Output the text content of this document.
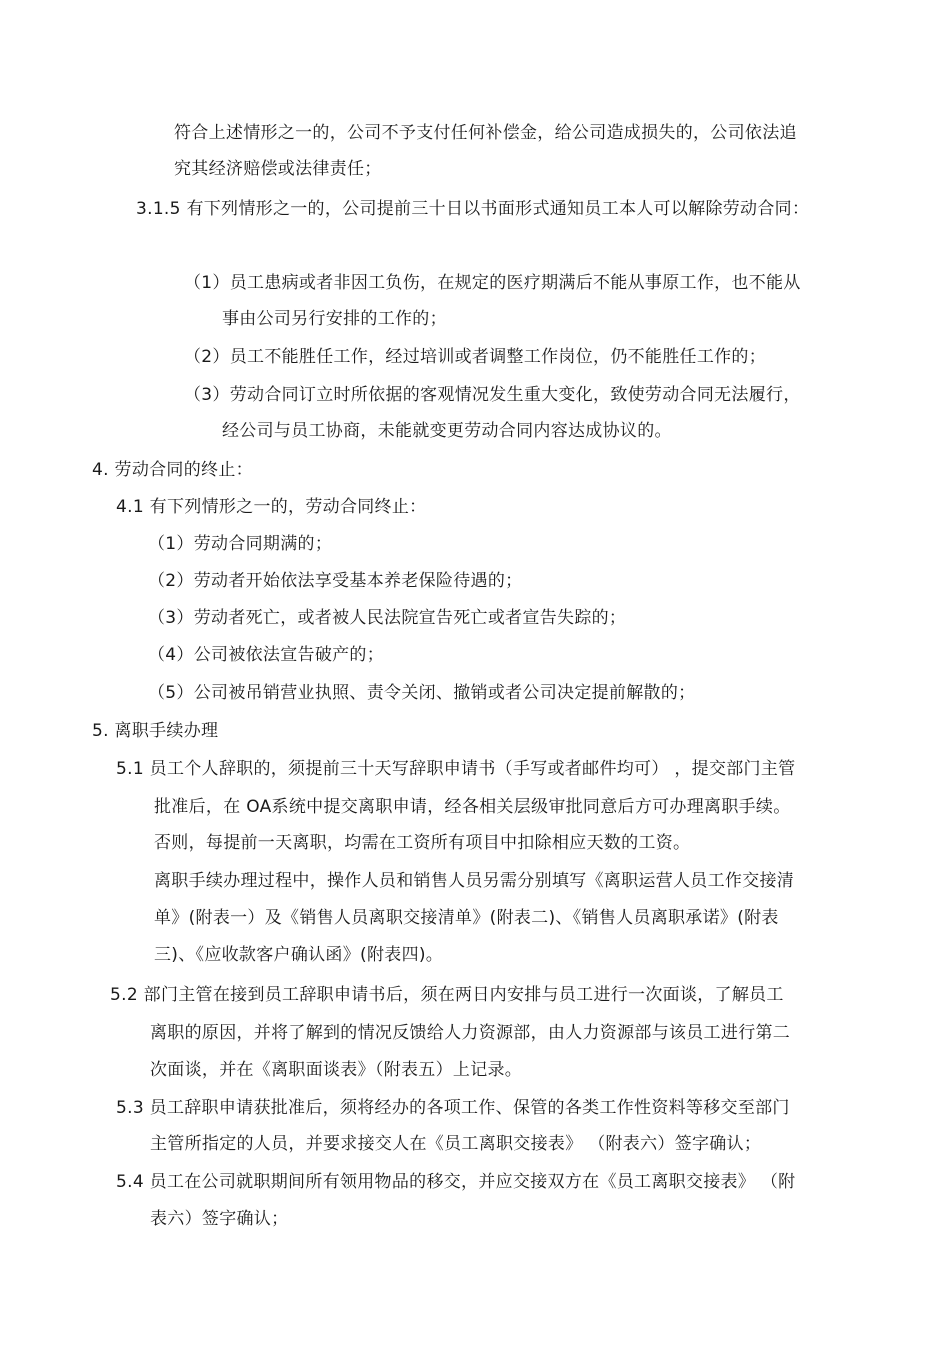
符合上述情形之一的，公司不予支付任何补偿金，给公司造成损失的，公司依法追
究其经济赔偿或法律责任；
3.1.5 有下列情形之一的，公司提前三十日以书面形式通知员工本人可以解除劳动合同：
（1）员工患病或者非因工负伤，在规定的医疗期满后不能从事原工作，也不能从
事由公司另行安排的工作的；
（2）员工不能胜任工作，经过培训或者调整工作岗位，仍不能胜任工作的；
（3）劳动合同订立时所依据的客观情况发生重大变化，致使劳动合同无法履行，
经公司与员工协商，未能就变更劳动合同内容达成协议的。
4. 劳动合同的终止：
4.1 有下列情形之一的，劳动合同终止：
（1）劳动合同期满的；
（2）劳动者开始依法享受基本养老保险待遇的；
（3）劳动者死亡，或者被人民法院宣告死亡或者宣告失踪的；
（4）公司被依法宣告破产的；
（5）公司被吊销营业执照、责令关闭、撤销或者公司决定提前解散的；
5. 离职手续办理
5.1 员工个人辞职的，须提前三十天写辞职申请书（手写或者邮件均可） ，提交部门主管
批准后，在 OA系统中提交离职申请，经各相关层级审批同意后方可办理离职手续。
否则，每提前一天离职，均需在工资所有项目中扣除相应天数的工资。
离职手续办理过程中，操作人员和销售人员另需分别填写《离职运营人员工作交接清
单》(附表一）及《销售人员离职交接清单》(附表二)、《销售人员离职承诺》(附表
三)、《应收款客户确认函》(附表四)。
5.2 部门主管在接到员工辞职申请书后，须在两日内安排与员工进行一次面谈，了解员工
离职的原因，并将了解到的情况反馈给人力资源部，由人力资源部与该员工进行第二
次面谈，并在《离职面谈表》（附表五）上记录。
5.3 员工辞职申请获批准后，须将经办的各项工作、保管的各类工作性资料等移交至部门
主管所指定的人员，并要求接交人在《员工离职交接表》 （附表六）签字确认；
5.4 员工在公司就职期间所有领用物品的移交，并应交接双方在《员工离职交接表》 （附
表六）签字确认；
